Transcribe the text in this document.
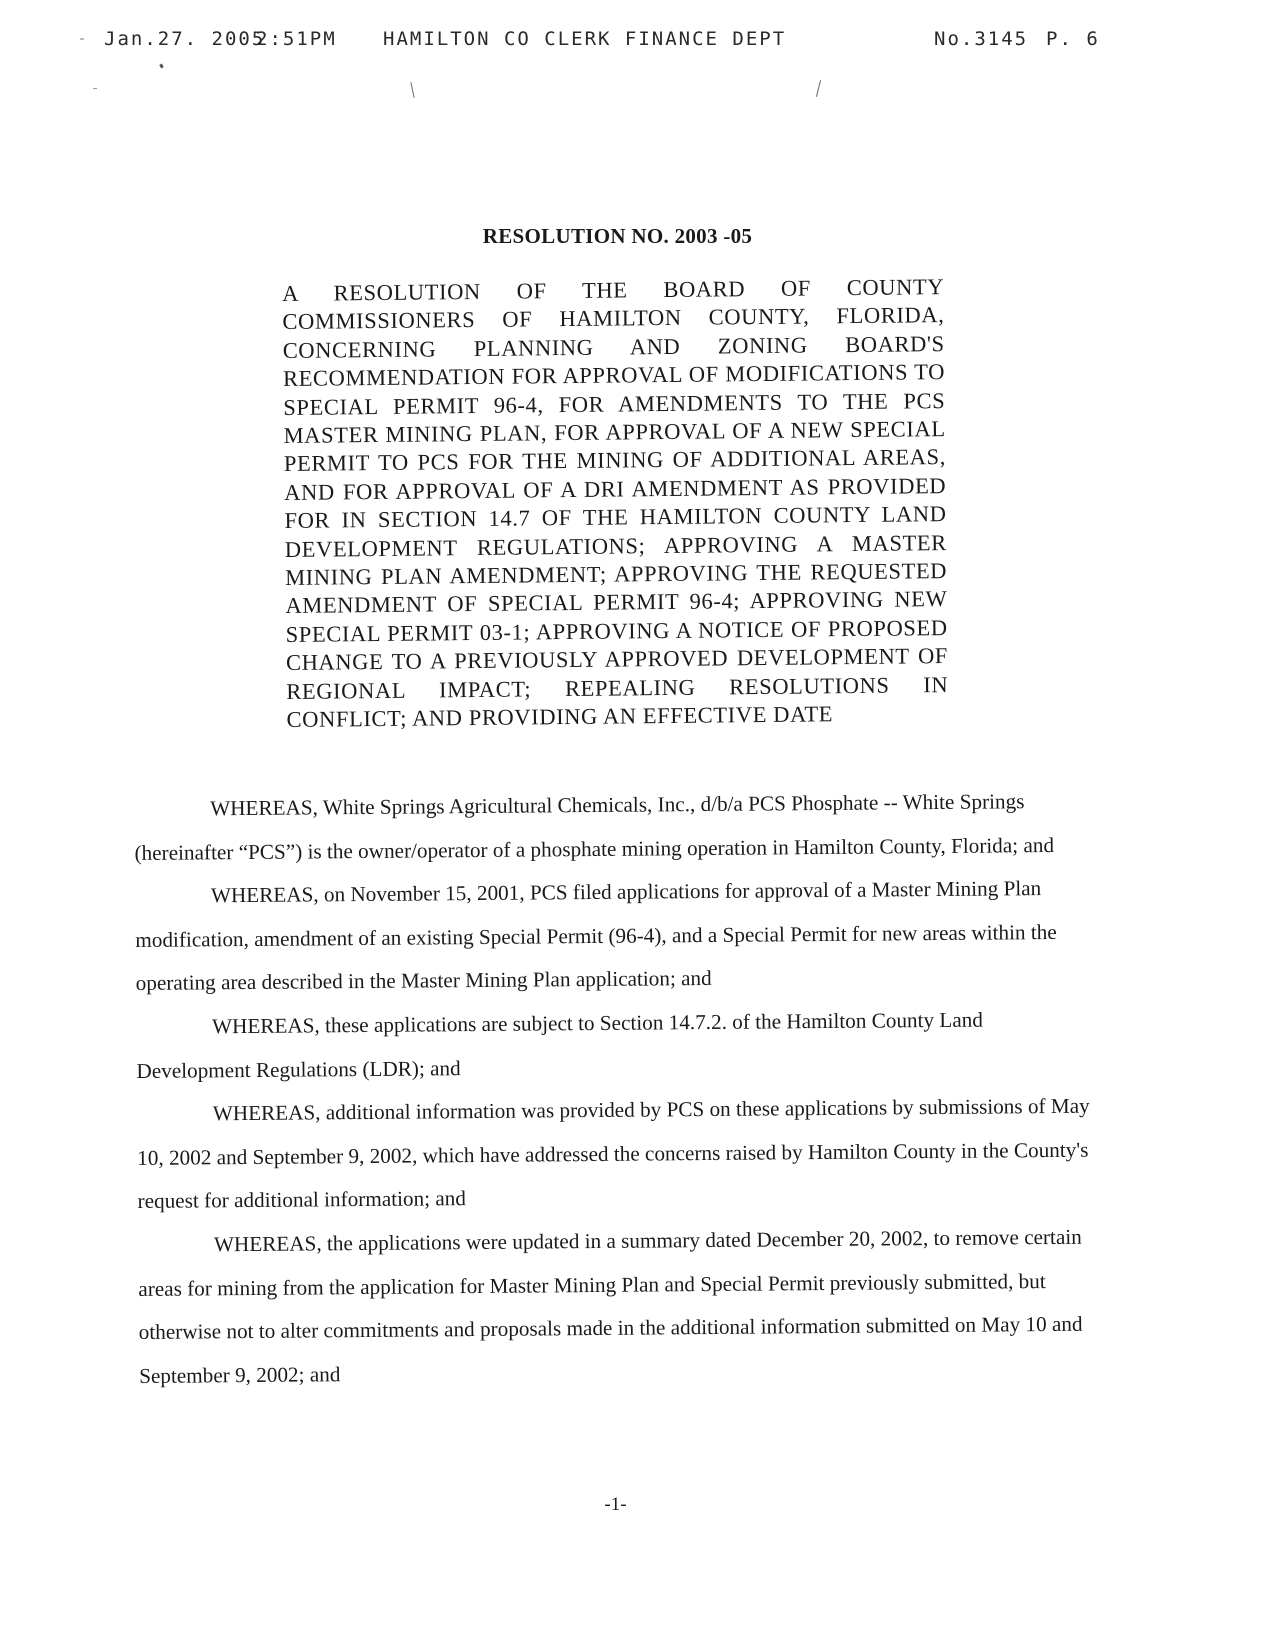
Jan.27. 2005
2:51PM HAMILTON CO CLERK FINANCE DEPT	No.3145 P. 6
RESOLUTION NO. 2003 -05
A RESOLUTION OF THE BOARD OF COUNTY COMMISSIONERS OF HAMILTON COUNTY, FLORIDA, CONCERNING PLANNING AND ZONING BOARD'S RECOMMENDATION FOR APPROVAL OF MODIFICATIONS TO SPECIAL PERMIT 96-4, FOR AMENDMENTS TO THE PCS MASTER MINING PLAN, FOR APPROVAL OF A NEW SPECIAL PERMIT TO PCS FOR THE MINING OF ADDITIONAL AREAS, AND FOR APPROVAL OF A DRI AMENDMENT AS PROVIDED FOR IN SECTION 14.7 OF THE HAMILTON COUNTY LAND DEVELOPMENT REGULATIONS; APPROVING A MASTER MINING PLAN AMENDMENT; APPROVING THE REQUESTED AMENDMENT OF SPECIAL PERMIT 96-4; APPROVING NEW SPECIAL PERMIT 03-1; APPROVING A NOTICE OF PROPOSED CHANGE TO A PREVIOUSLY APPROVED DEVELOPMENT OF REGIONAL IMPACT; REPEALING RESOLUTIONS IN CONFLICT; AND PROVIDING AN EFFECTIVE DATE

WHEREAS, White Springs Agricultural Chemicals, Inc., d/b/a PCS Phosphate -- White Springs (hereinafter “PCS”) is the owner/operator of a phosphate mining operation in Hamilton County, Florida; and

WHEREAS, on November 15, 2001, PCS filed applications for approval of a Master Mining Plan modification, amendment of an existing Special Permit (96-4), and a Special Permit for new areas within the operating area described in the Master Mining Plan application; and

WHEREAS, these applications are subject to Section 14.7.2. of the Hamilton County Land Development Regulations (LDR); and

WHEREAS, additional information was provided by PCS on these applications by submissions of May 10, 2002 and September 9, 2002, which have addressed the concerns raised by Hamilton County in the County's request for additional information; and

WHEREAS, the applications were updated in a summary dated December 20, 2002, to remove certain areas for mining from the application for Master Mining Plan and Special Permit previously submitted, but otherwise not to alter commitments and proposals made in the additional information submitted on May 10 and September 9, 2002; and

-1-
